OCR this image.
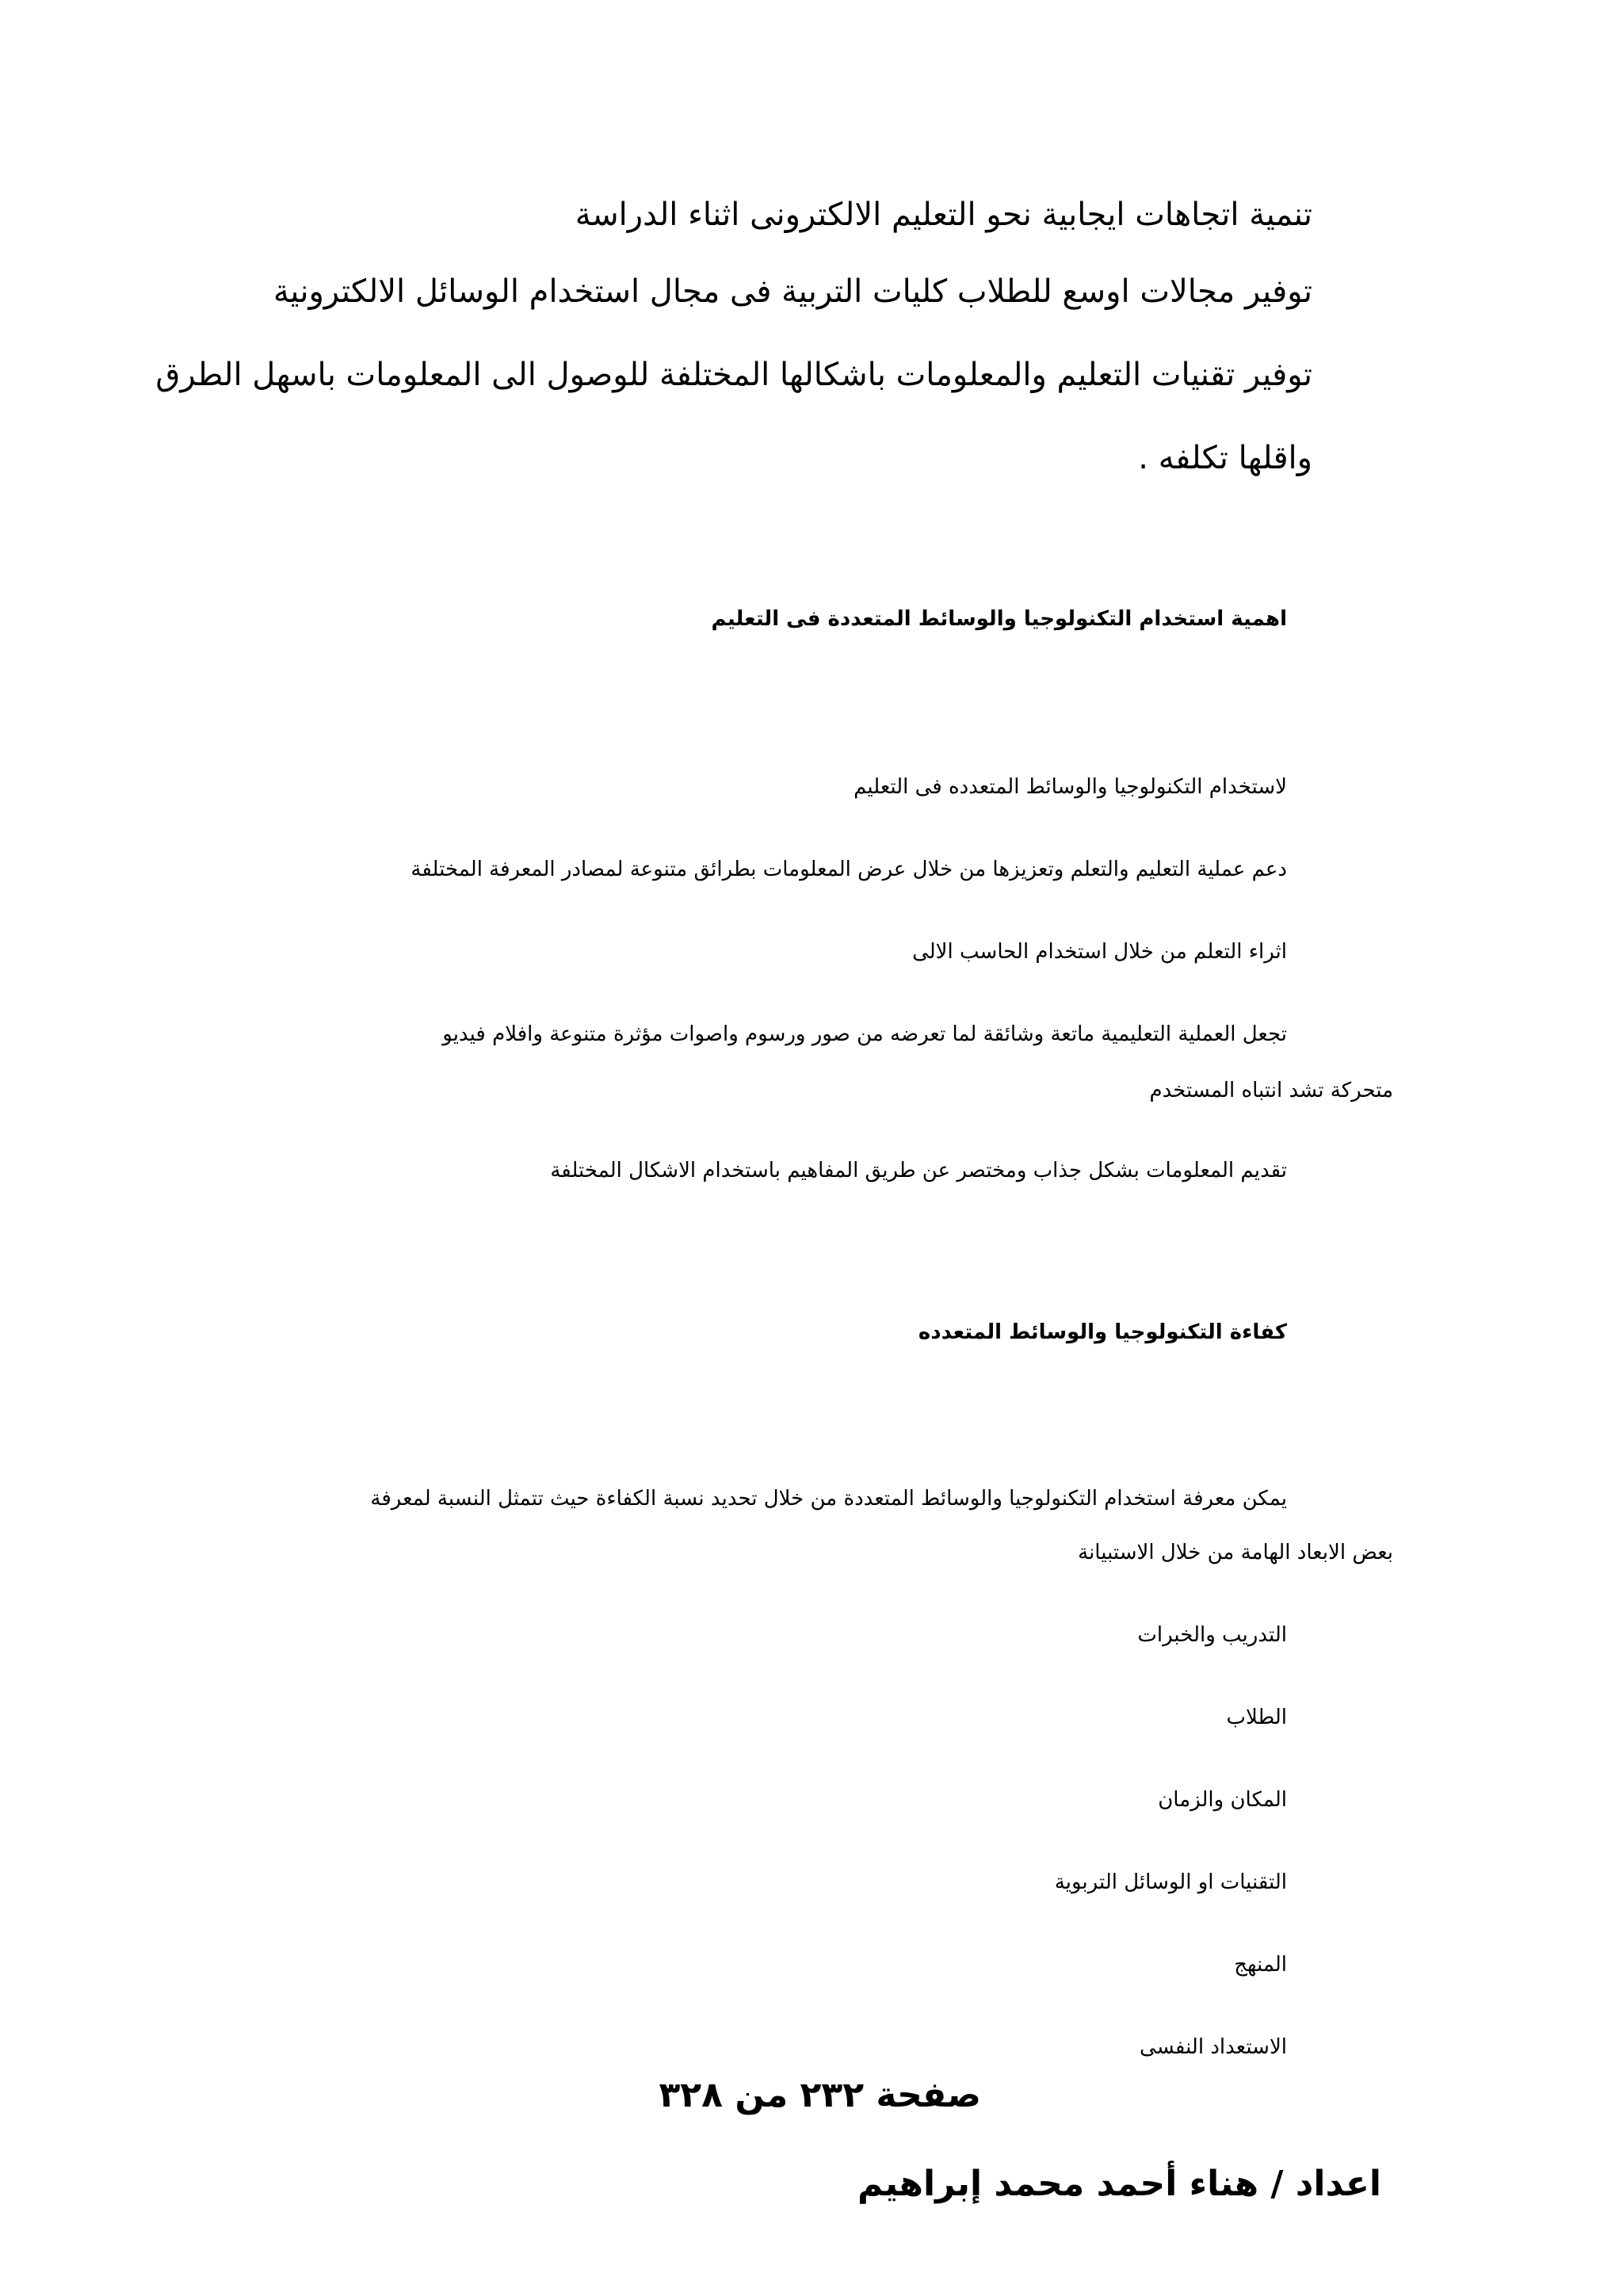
تنمية اتجاهات ايجابية نحو التعليم الالكترونى اثناء الدراسة
توفير مجالات اوسع للطلاب كليات التربية فى مجال استخدام الوسائل الالكترونية
توفير تقنيات التعليم والمعلومات باشكالها المختلفة للوصول الى المعلومات باسهل الطرق
واقلها تكلفه .
اهمية استخدام التكنولوجيا والوسائط المتعددة فى التعليم
لاستخدام التكنولوجيا والوسائط المتعدده فى التعليم
دعم عملية التعليم والتعلم وتعزيزها من خلال عرض المعلومات بطرائق متنوعة لمصادر المعرفة المختلفة
اثراء التعلم من خلال استخدام الحاسب الالى
تجعل العملية التعليمية ماتعة وشائقة لما تعرضه من صور ورسوم واصوات مؤثرة متنوعة وافلام فيديو
متحركة تشد انتباه المستخدم
تقديم المعلومات بشكل جذاب ومختصر عن طريق المفاهيم باستخدام الاشكال المختلفة
كفاءة التكنولوجيا والوسائط المتعدده
يمكن معرفة استخدام التكنولوجيا والوسائط المتعددة من خلال تحديد نسبة الكفاءة حيث تتمثل النسبة لمعرفة
بعض الابعاد الهامة من خلال الاستبيانة
التدريب والخبرات
الطلاب
المكان والزمان
التقنيات او الوسائل التربوية
المنهج
الاستعداد النفسى
صفحة ٢٣٢ من ٣٢٨
اعداد / هناء أحمد محمد إبراهيم
